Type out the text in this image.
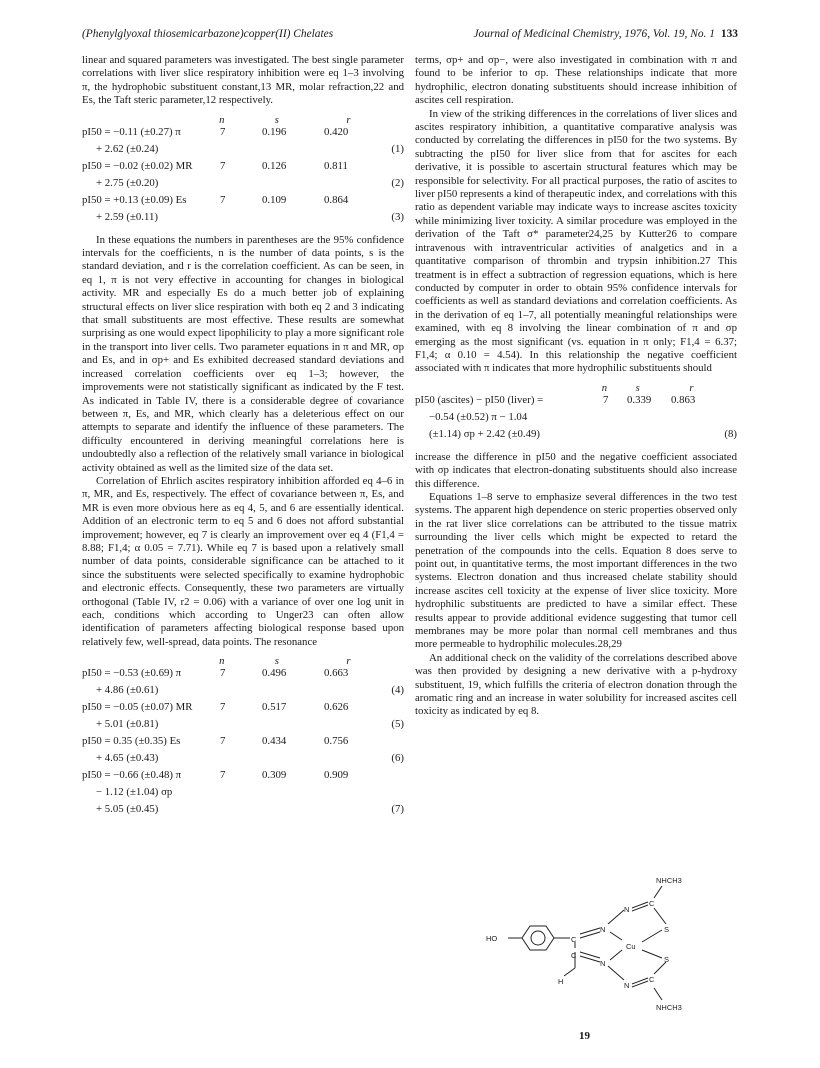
(Phenylglyoxal thiosemicarbazone)copper(II) Chelates	Journal of Medicinal Chemistry, 1976, Vol. 19, No. 1 133

linear and squared parameters was investigated. The best single parameter correlations with liver slice respiratory inhibition were eq 1–3 involving π, the hydrophobic substituent constant,13 MR, molar refraction,22 and Es, the Taft steric parameter,12 respectively.

n	s	r
pI50 = −0.11 (±0.27) π	7	0.196	0.420
+ 2.62 (±0.24)	(1)
pI50 = −0.02 (±0.02) MR	7	0.126	0.811
+ 2.75 (±0.20)	(2)
pI50 = +0.13 (±0.09) Es	7	0.109	0.864
+ 2.59 (±0.11)	(3)

In these equations the numbers in parentheses are the 95% confidence intervals for the coefficients, n is the number of data points, s is the standard deviation, and r is the correlation coefficient. As can be seen, in eq 1, π is not very effective in accounting for changes in biological activity. MR and especially Es do a much better job of explaining structural effects on liver slice respiration with both eq 2 and 3 indicating that small substituents are most effective. These results are somewhat surprising as one would expect lipophilicity to play a more significant role in the transport into liver cells. Two parameter equations in π and MR, σp and Es, and in σp+ and Es exhibited decreased standard deviations and increased correlation coefficients over eq 1–3; however, the improvements were not statistically significant as indicated by the F test. As indicated in Table IV, there is a considerable degree of covariance between π, Es, and MR, which clearly has a deleterious effect on our attempts to separate and identify the influence of these parameters. The difficulty encountered in deriving meaningful correlations here is undoubtedly also a reflection of the relatively small variance in biological activity obtained as well as the limited size of the data set.

Correlation of Ehrlich ascites respiratory inhibition afforded eq 4–6 in π, MR, and Es, respectively. The effect of covariance between π, Es, and MR is even more obvious here as eq 4, 5, and 6 are essentially identical. Addition of an electronic term to eq 5 and 6 does not afford substantial improvement; however, eq 7 is clearly an improvement over eq 4 (F1,4 = 8.88; F1,4; α 0.05 = 7.71). While eq 7 is based upon a relatively small number of data points, considerable significance can be attached to it since the substituents were selected specifically to examine hydrophobic and electronic effects. Consequently, these two parameters are virtually orthogonal (Table IV, r2 = 0.06) with a variance of over one log unit in each, conditions which according to Unger23 can often allow identification of parameters affecting biological response based upon relatively few, well-spread, data points. The resonance

n	s	r
pI50 = −0.53 (±0.69) π	7	0.496	0.663
+ 4.86 (±0.61)	(4)
pI50 = −0.05 (±0.07) MR	7	0.517	0.626
+ 5.01 (±0.81)	(5)
pI50 = 0.35 (±0.35) Es	7	0.434	0.756
+ 4.65 (±0.43)	(6)
pI50 = −0.66 (±0.48) π	7	0.309	0.909
− 1.12 (±1.04) σp
+ 5.05 (±0.45)	(7)

terms, σp+ and σp−, were also investigated in combination with π and found to be inferior to σp. These relationships indicate that more hydrophilic, electron donating substituents should increase inhibition of ascites cell respiration.

In view of the striking differences in the correlations of liver slices and ascites respiratory inhibition, a quantitative comparative analysis was conducted by correlating the differences in pI50 for the two systems. By subtracting the pI50 for liver slice from that for ascites for each derivative, it is possible to ascertain structural features which may be responsible for selectivity. For all practical purposes, the ratio of ascites to liver pI50 represents a kind of therapeutic index, and correlations with this ratio as dependent variable may indicate ways to increase ascites toxicity while minimizing liver toxicity. A similar procedure was employed in the derivation of the Taft σ* parameter24,25 by Kutter26 to compare intravenous with intraventricular activities of analgetics and in a quantitative comparison of thrombin and trypsin inhibition.27 This treatment is in effect a subtraction of regression equations, which is here conducted by computer in order to obtain 95% confidence intervals for coefficients as well as standard deviations and correlation coefficients. As in the derivation of eq 1–7, all potentially meaningful relationships were examined, with eq 8 involving the linear combination of π and σp emerging as the most significant (vs. equation in π only; F1,4 = 6.37; F1,4; α 0.10 = 4.54). In this relationship the negative coefficient associated with π indicates that more hydrophilic substituents should

n	s	r
pI50 (ascites) − pI50 (liver) =	7	0.339	0.863
−0.54 (±0.52) π − 1.04
(±1.14) σp + 2.42 (±0.49)	(8)

increase the difference in pI50 and the negative coefficient associated with σp indicates that electron-donating substituents should also increase this difference.

Equations 1–8 serve to emphasize several differences in the two test systems. The apparent high dependence on steric properties observed only in the rat liver slice correlations can be attributed to the tissue matrix surrounding the liver cells which might be expected to retard the penetration of the compounds into the cells. Equation 8 does serve to point out, in quantitative terms, the most important differences in the two systems. Electron donation and thus increased chelate stability should increase ascites cell toxicity at the expense of liver slice toxicity. More hydrophilic substituents are predicted to have a similar effect. These results appear to provide additional evidence suggesting that tumor cell membranes may be more polar than normal cell membranes and thus more permeable to hydrophilic molecules.28,29

An additional check on the validity of the correlations described above was then provided by designing a new derivative with a p-hydroxy substituent, 19, which fulfills the criteria of electron donation through the aromatic ring and an increase in water solubility for increased ascites cell toxicity as indicated by eq 8.

HO	C
C
H
N
N
N
N
C
C
Cu
S
S
NHCH3
NHCH3
19
